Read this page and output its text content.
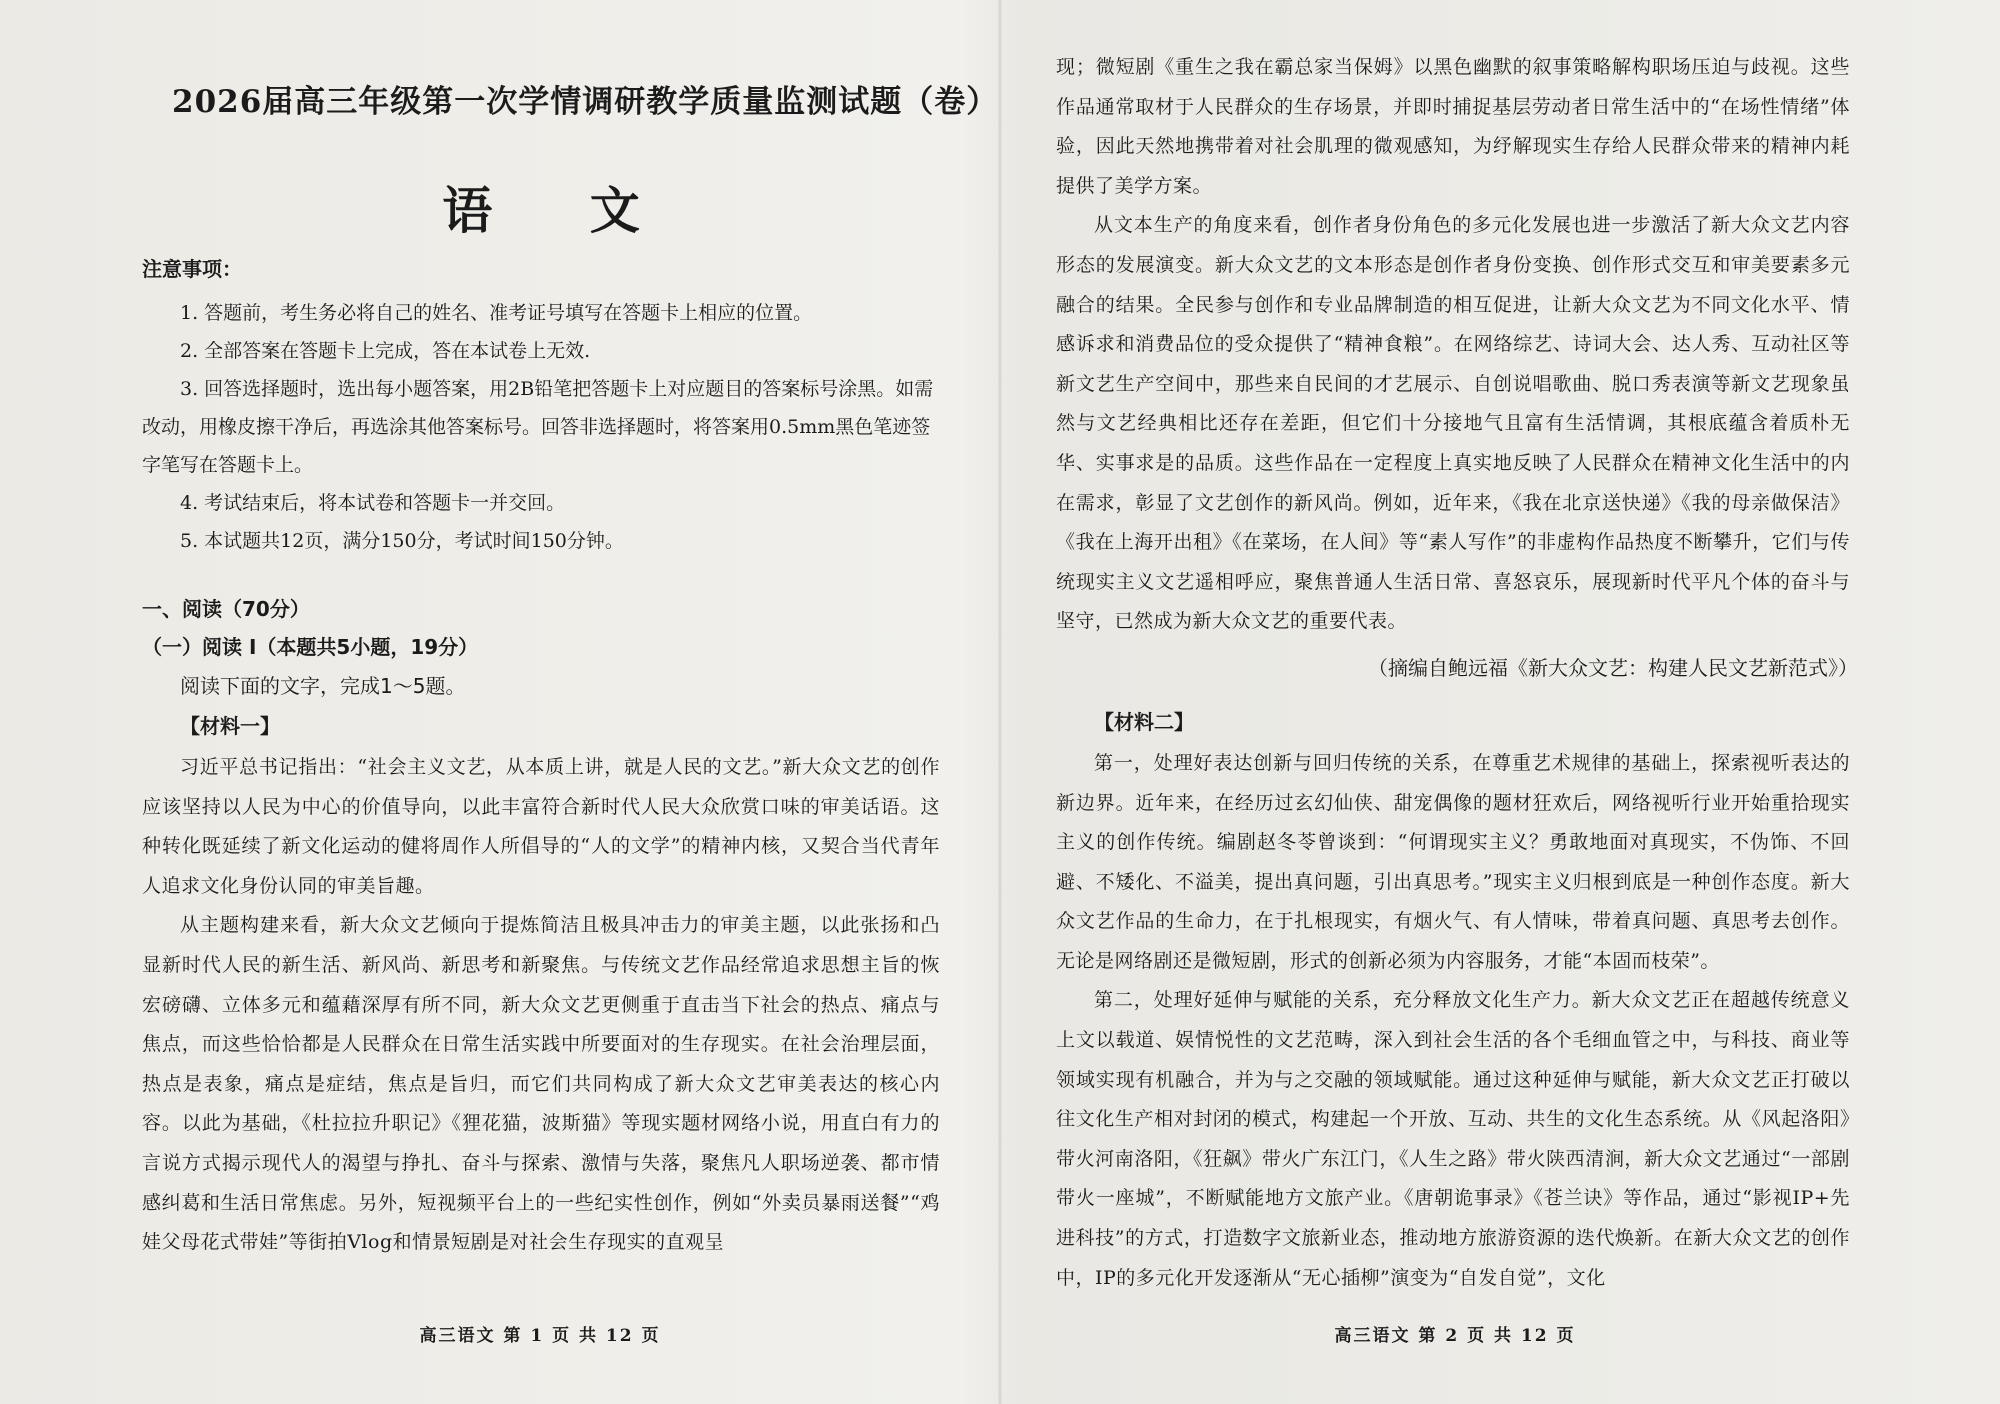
2026届高三年级第一次学情调研教学质量监测试题（卷）
语 文
注意事项：

1. 答题前，考生务必将自己的姓名、准考证号填写在答题卡上相应的位置。

2. 全部答案在答题卡上完成，答在本试卷上无效.

3. 回答选择题时，选出每小题答案，用2B铅笔把答题卡上对应题目的答案标号涂黑。如需改动，用橡皮擦干净后，再选涂其他答案标号。回答非选择题时，将答案用0.5mm黑色笔迹签字笔写在答题卡上。

4. 考试结束后，将本试卷和答题卡一并交回。

5. 本试题共12页，满分150分，考试时间150分钟。

一、阅读（70分）

（一）阅读 Ⅰ（本题共5小题，19分）

阅读下面的文字，完成1～5题。

【材料一】

习近平总书记指出：“社会主义文艺，从本质上讲，就是人民的文艺。”新大众文艺的创作应该坚持以人民为中心的价值导向，以此丰富符合新时代人民大众欣赏口味的审美话语。这种转化既延续了新文化运动的健将周作人所倡导的“人的文学”的精神内核，又契合当代青年人追求文化身份认同的审美旨趣。

从主题构建来看，新大众文艺倾向于提炼简洁且极具冲击力的审美主题，以此张扬和凸显新时代人民的新生活、新风尚、新思考和新聚焦。与传统文艺作品经常追求思想主旨的恢宏磅礴、立体多元和蕴藉深厚有所不同，新大众文艺更侧重于直击当下社会的热点、痛点与焦点，而这些恰恰都是人民群众在日常生活实践中所要面对的生存现实。在社会治理层面，热点是表象，痛点是症结，焦点是旨归，而它们共同构成了新大众文艺审美表达的核心内容。以此为基础，《杜拉拉升职记》《狸花猫，波斯猫》等现实题材网络小说，用直白有力的言说方式揭示现代人的渴望与挣扎、奋斗与探索、激情与失落，聚焦凡人职场逆袭、都市情感纠葛和生活日常焦虑。另外，短视频平台上的一些纪实性创作，例如“外卖员暴雨送餐”“鸡娃父母花式带娃”等街拍Vlog和情景短剧是对社会生存现实的直观呈

高三语文 第 1 页 共 12 页

现；微短剧《重生之我在霸总家当保姆》以黑色幽默的叙事策略解构职场压迫与歧视。这些作品通常取材于人民群众的生存场景，并即时捕捉基层劳动者日常生活中的“在场性情绪”体验，因此天然地携带着对社会肌理的微观感知，为纾解现实生存给人民群众带来的精神内耗提供了美学方案。

从文本生产的角度来看，创作者身份角色的多元化发展也进一步激活了新大众文艺内容形态的发展演变。新大众文艺的文本形态是创作者身份变换、创作形式交互和审美要素多元融合的结果。全民参与创作和专业品牌制造的相互促进，让新大众文艺为不同文化水平、情感诉求和消费品位的受众提供了“精神食粮”。在网络综艺、诗词大会、达人秀、互动社区等新文艺生产空间中，那些来自民间的才艺展示、自创说唱歌曲、脱口秀表演等新文艺现象虽然与文艺经典相比还存在差距，但它们十分接地气且富有生活情调，其根底蕴含着质朴无华、实事求是的品质。这些作品在一定程度上真实地反映了人民群众在精神文化生活中的内在需求，彰显了文艺创作的新风尚。例如，近年来，《我在北京送快递》《我的母亲做保洁》《我在上海开出租》《在菜场，在人间》等“素人写作”的非虚构作品热度不断攀升，它们与传统现实主义文艺遥相呼应，聚焦普通人生活日常、喜怒哀乐，展现新时代平凡个体的奋斗与坚守，已然成为新大众文艺的重要代表。

（摘编自鲍远福《新大众文艺：构建人民文艺新范式》）

【材料二】

第一，处理好表达创新与回归传统的关系，在尊重艺术规律的基础上，探索视听表达的新边界。近年来，在经历过玄幻仙侠、甜宠偶像的题材狂欢后，网络视听行业开始重拾现实主义的创作传统。编剧赵冬苓曾谈到：“何谓现实主义？勇敢地面对真现实，不伪饰、不回避、不矮化、不溢美，提出真问题，引出真思考。”现实主义归根到底是一种创作态度。新大众文艺作品的生命力，在于扎根现实，有烟火气、有人情味，带着真问题、真思考去创作。无论是网络剧还是微短剧，形式的创新必须为内容服务，才能“本固而枝荣”。

第二，处理好延伸与赋能的关系，充分释放文化生产力。新大众文艺正在超越传统意义上文以载道、娱情悦性的文艺范畴，深入到社会生活的各个毛细血管之中，与科技、商业等领域实现有机融合，并为与之交融的领域赋能。通过这种延伸与赋能，新大众文艺正打破以往文化生产相对封闭的模式，构建起一个开放、互动、共生的文化生态系统。从《风起洛阳》带火河南洛阳，《狂飙》带火广东江门，《人生之路》带火陕西清涧，新大众文艺通过“一部剧带火一座城”，不断赋能地方文旅产业。《唐朝诡事录》《苍兰诀》等作品，通过“影视IP+先进科技”的方式，打造数字文旅新业态，推动地方旅游资源的迭代焕新。在新大众文艺的创作中，IP的多元化开发逐渐从“无心插柳”演变为“自发自觉”，文化

高三语文 第 2 页 共 12 页
